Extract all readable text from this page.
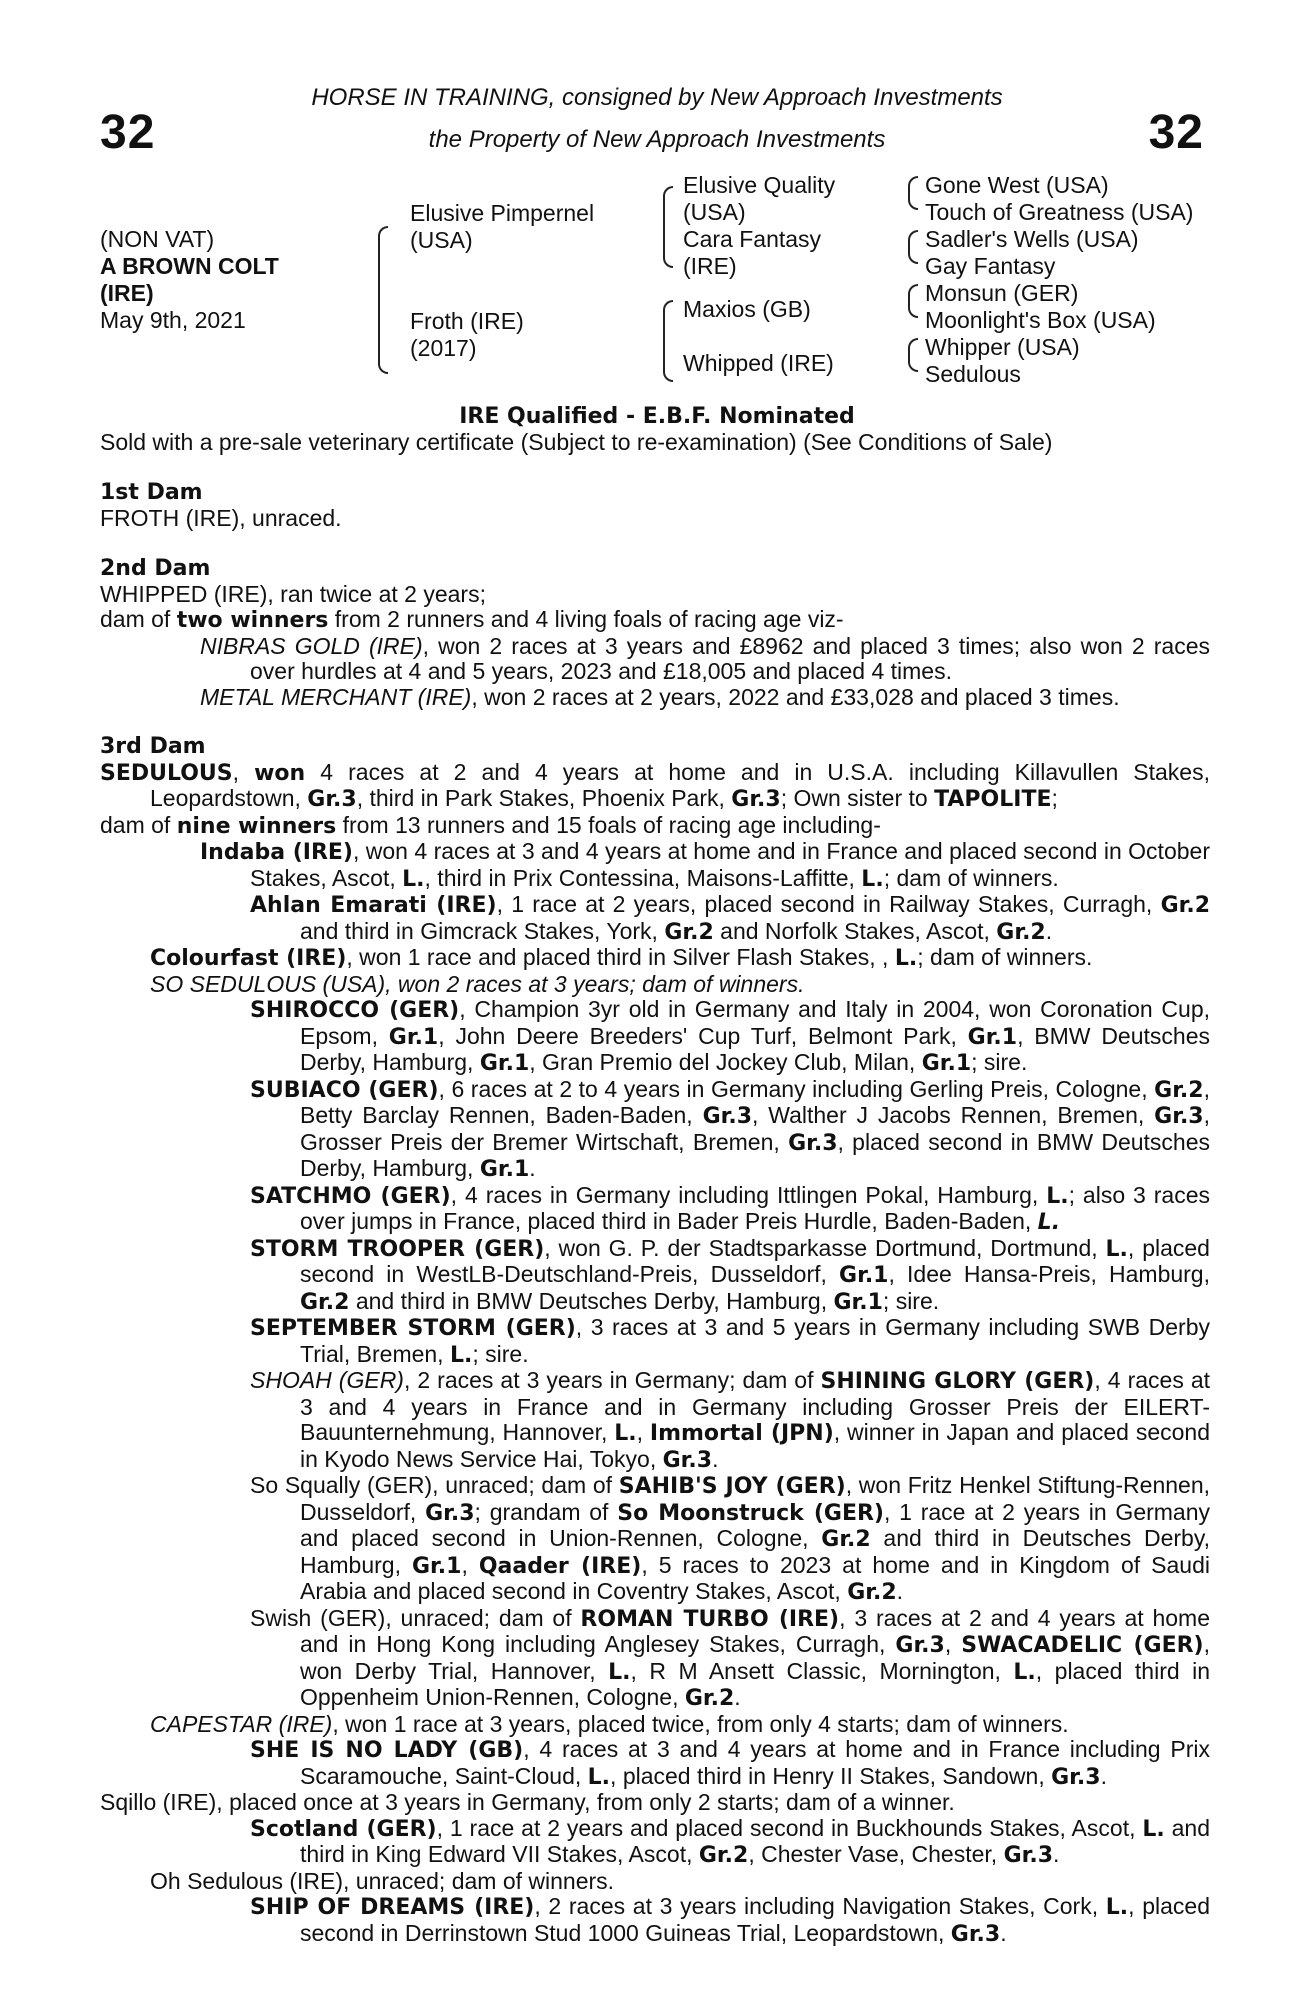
32	32
HORSE IN TRAINING, consigned by New Approach Investments
the Property of New Approach Investments
(NON VAT)
A BROWN COLT
(IRE)
May 9th, 2021
Elusive Pimpernel
(USA)
Froth (IRE)
(2017)
Elusive Quality
(USA)
Cara Fantasy
(IRE)
Maxios (GB)
Whipped (IRE)
Gone West (USA)
Touch of Greatness (USA)
Sadler's Wells (USA)
Gay Fantasy
Monsun (GER)
Moonlight's Box (USA)
Whipper (USA)
Sedulous
IRE Qualified - E.B.F. Nominated
Sold with a pre-sale veterinary certificate (Subject to re-examination) (See Conditions of Sale)
1st Dam
FROTH (IRE), unraced.
2nd Dam

WHIPPED (IRE), ran twice at 2 years;

dam of two winners from 2 runners and 4 living foals of racing age viz-

NIBRAS GOLD (IRE), won 2 races at 3 years and £8962 and placed 3 times; also won 2 races over hurdles at 4 and 5 years, 2023 and £18,005 and placed 4 times.

METAL MERCHANT (IRE), won 2 races at 2 years, 2022 and £33,028 and placed 3 times.

3rd Dam

SEDULOUS, won 4 races at 2 and 4 years at home and in U.S.A. including Killavullen Stakes, Leopardstown, Gr.3, third in Park Stakes, Phoenix Park, Gr.3; Own sister to TAPOLITE;

dam of nine winners from 13 runners and 15 foals of racing age including-

Indaba (IRE), won 4 races at 3 and 4 years at home and in France and placed second in October Stakes, Ascot, L., third in Prix Contessina, Maisons-Laffitte, L.; dam of winners.

Ahlan Emarati (IRE), 1 race at 2 years, placed second in Railway Stakes, Curragh, Gr.2 and third in Gimcrack Stakes, York, Gr.2 and Norfolk Stakes, Ascot, Gr.2.

Colourfast (IRE), won 1 race and placed third in Silver Flash Stakes, , L.; dam of winners.

SO SEDULOUS (USA), won 2 races at 3 years; dam of winners.

SHIROCCO (GER), Champion 3yr old in Germany and Italy in 2004, won Coronation Cup, Epsom, Gr.1, John Deere Breeders' Cup Turf, Belmont Park, Gr.1, BMW Deutsches Derby, Hamburg, Gr.1, Gran Premio del Jockey Club, Milan, Gr.1; sire.

SUBIACO (GER), 6 races at 2 to 4 years in Germany including Gerling Preis, Cologne, Gr.2, Betty Barclay Rennen, Baden-Baden, Gr.3, Walther J Jacobs Rennen, Bremen, Gr.3, Grosser Preis der Bremer Wirtschaft, Bremen, Gr.3, placed second in BMW Deutsches Derby, Hamburg, Gr.1.

SATCHMO (GER), 4 races in Germany including Ittlingen Pokal, Hamburg, L.; also 3 races over jumps in France, placed third in Bader Preis Hurdle, Baden-Baden, L.

STORM TROOPER (GER), won G. P. der Stadtsparkasse Dortmund, Dortmund, L., placed second in WestLB-Deutschland-Preis, Dusseldorf, Gr.1, Idee Hansa-Preis, Hamburg, Gr.2 and third in BMW Deutsches Derby, Hamburg, Gr.1; sire.

SEPTEMBER STORM (GER), 3 races at 3 and 5 years in Germany including SWB Derby Trial, Bremen, L.; sire.

SHOAH (GER), 2 races at 3 years in Germany; dam of SHINING GLORY (GER), 4 races at 3 and 4 years in France and in Germany including Grosser Preis der EILERT-Bauunternehmung, Hannover, L., Immortal (JPN), winner in Japan and placed second in Kyodo News Service Hai, Tokyo, Gr.3.

So Squally (GER), unraced; dam of SAHIB'S JOY (GER), won Fritz Henkel Stiftung-Rennen, Dusseldorf, Gr.3; grandam of So Moonstruck (GER), 1 race at 2 years in Germany and placed second in Union-Rennen, Cologne, Gr.2 and third in Deutsches Derby, Hamburg, Gr.1, Qaader (IRE), 5 races to 2023 at home and in Kingdom of Saudi Arabia and placed second in Coventry Stakes, Ascot, Gr.2.

Swish (GER), unraced; dam of ROMAN TURBO (IRE), 3 races at 2 and 4 years at home and in Hong Kong including Anglesey Stakes, Curragh, Gr.3, SWACADELIC (GER), won Derby Trial, Hannover, L., R M Ansett Classic, Mornington, L., placed third in Oppenheim Union-Rennen, Cologne, Gr.2.

CAPESTAR (IRE), won 1 race at 3 years, placed twice, from only 4 starts; dam of winners.

SHE IS NO LADY (GB), 4 races at 3 and 4 years at home and in France including Prix Scaramouche, Saint-Cloud, L., placed third in Henry II Stakes, Sandown, Gr.3.

Sqillo (IRE), placed once at 3 years in Germany, from only 2 starts; dam of a winner.

Scotland (GER), 1 race at 2 years and placed second in Buckhounds Stakes, Ascot, L. and third in King Edward VII Stakes, Ascot, Gr.2, Chester Vase, Chester, Gr.3.

Oh Sedulous (IRE), unraced; dam of winners.

SHIP OF DREAMS (IRE), 2 races at 3 years including Navigation Stakes, Cork, L., placed second in Derrinstown Stud 1000 Guineas Trial, Leopardstown, Gr.3.
